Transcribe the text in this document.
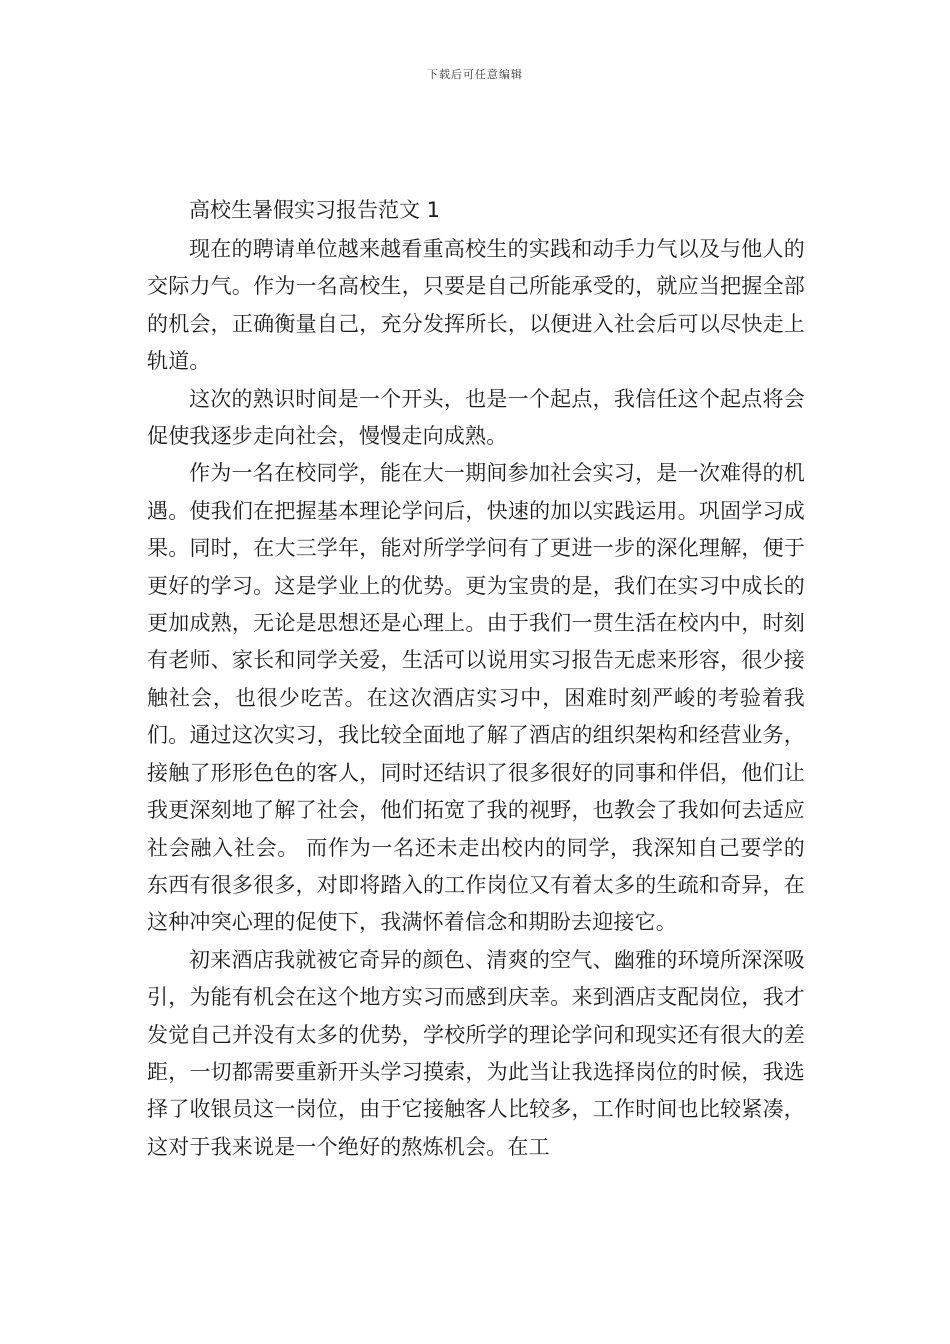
下载后可任意编辑
高校生暑假实习报告范文 1

现在的聘请单位越来越看重高校生的实践和动手力气以及与他人的交际力气。作为一名高校生，只要是自己所能承受的，就应当把握全部的机会，正确衡量自己，充分发挥所长，以便进入社会后可以尽快走上轨道。

这次的熟识时间是一个开头，也是一个起点，我信任这个起点将会促使我逐步走向社会，慢慢走向成熟。

作为一名在校同学，能在大一期间参加社会实习，是一次难得的机遇。使我们在把握基本理论学问后，快速的加以实践运用。巩固学习成果。同时，在大三学年，能对所学学问有了更进一步的深化理解，便于更好的学习。这是学业上的优势。更为宝贵的是，我们在实习中成长的更加成熟，无论是思想还是心理上。由于我们一贯生活在校内中，时刻有老师、家长和同学关爱，生活可以说用实习报告无虑来形容，很少接触社会，也很少吃苦。在这次酒店实习中，困难时刻严峻的考验着我们。通过这次实习，我比较全面地了解了酒店的组织架构和经营业务，接触了形形色色的客人，同时还结识了很多很好的同事和伴侣，他们让我更深刻地了解了社会，他们拓宽了我的视野，也教会了我如何去适应社会融入社会。 而作为一名还未走出校内的同学，我深知自己要学的东西有很多很多，对即将踏入的工作岗位又有着太多的生疏和奇异，在这种冲突心理的促使下，我满怀着信念和期盼去迎接它。

初来酒店我就被它奇异的颜色、清爽的空气、幽雅的环境所深深吸引，为能有机会在这个地方实习而感到庆幸。来到酒店支配岗位，我才发觉自己并没有太多的优势，学校所学的理论学问和现实还有很大的差距，一切都需要重新开头学习摸索，为此当让我选择岗位的时候，我选择了收银员这一岗位，由于它接触客人比较多，工作时间也比较紧凑，这对于我来说是一个绝好的熬炼机会。在工
